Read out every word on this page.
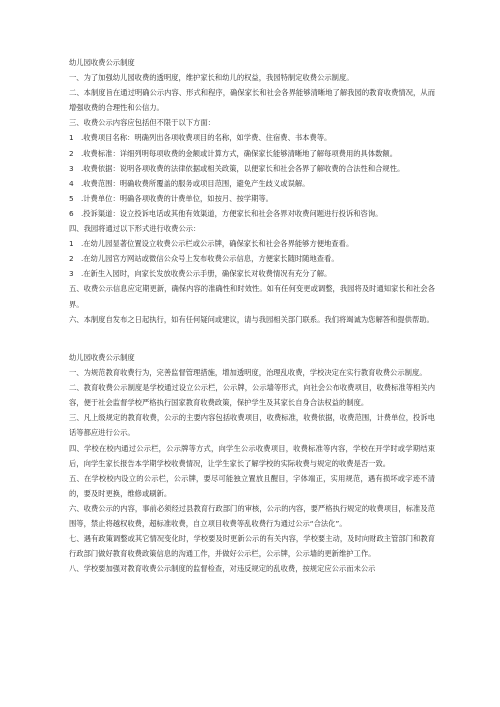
幼儿园收费公示制度

一、为了加强幼儿园收费的透明度，维护家长和幼儿的权益，我园特制定收费公示制度。

二、本制度旨在通过明确公示内容、形式和程序，确保家长和社会各界能够清晰地了解我园的教育收费情况，从而增强收费的合理性和公信力。

三、收费公示内容应包括但不限于以下方面：

1　.收费项目名称：明确列出各项收费项目的名称，如学费、住宿费、书本费等。

2　.收费标准：详细列明每项收费的金额或计算方式，确保家长能够清晰地了解每项费用的具体数额。

3　.收费依据：说明各项收费的法律依据或相关政策，以便家长和社会各界了解收费的合法性和合规性。

4　.收费范围：明确收费所覆盖的服务或项目范围，避免产生歧义或误解。

5　.计费单位：明确各项收费的计费单位，如按月、按学期等。

6　.投诉渠道：设立投诉电话或其他有效渠道，方便家长和社会各界对收费问题进行投诉和咨询。

四、我园将通过以下形式进行收费公示：

1　.在幼儿园显著位置设立收费公示栏或公示牌，确保家长和社会各界能够方便地查看。

2　.在幼儿园官方网站或微信公众号上发布收费公示信息，方便家长随时随地查看。

3　.在新生入园时，向家长发放收费公示手册，确保家长对收费情况有充分了解。

五、收费公示信息应定期更新，确保内容的准确性和时效性。如有任何变更或调整，我园将及时通知家长和社会各界。

六、本制度自发布之日起执行，如有任何疑问或建议，请与我园相关部门联系。我们将竭诚为您解答和提供帮助。

幼儿园收费公示制度

一、为规范教育收费行为，完善监督管理措施，增加透明度，治理乱收费，学校决定在实行教育收费公示制度。

二、教育收费公示制度是学校通过设立公示栏，公示牌，公示墙等形式，向社会公布收费项目，收费标准等相关内容，便于社会监督学校严格执行国家教育收费政策，保护学生及其家长自身合法权益的制度。

三、凡上级规定的教育收费，公示的主要内容包括收费项目，收费标准，收费依据，收费范围，计费单位，投诉电话等都应进行公示。

四、学校在校内通过公示栏，公示牌等方式，向学生公示收费项目，收费标准等内容，学校在开学时或学期结束后，向学生家长报告本学期学校收费情况，让学生家长了解学校的实际收费与规定的收费是否一致。

五、在学校校内设立的公示栏，公示牌，要尽可能独立置放且醒目，字体端正，实用规范，遇有损坏或字迹不清的，要及时更换，维修或刷新。

六、收费公示的内容，事前必须经过县教育行政部门的审核，公示的内容，要严格执行规定的收费项目，标准及范围等，禁止将越权收费，超标准收费，自立项目收费等乱收费行为通过公示“合法化”。

七、遇有政策调整或其它情况变化时，学校要及时更新公示的有关内容，学校要主动，及时向财政主管部门和教育行政部门做好教育收费政策信息的沟通工作，并做好公示栏，公示牌，公示墙的更新维护工作。

八、学校要加强对教育收费公示制度的监督检查，对违反规定的乱收费，按规定应公示而未公示
